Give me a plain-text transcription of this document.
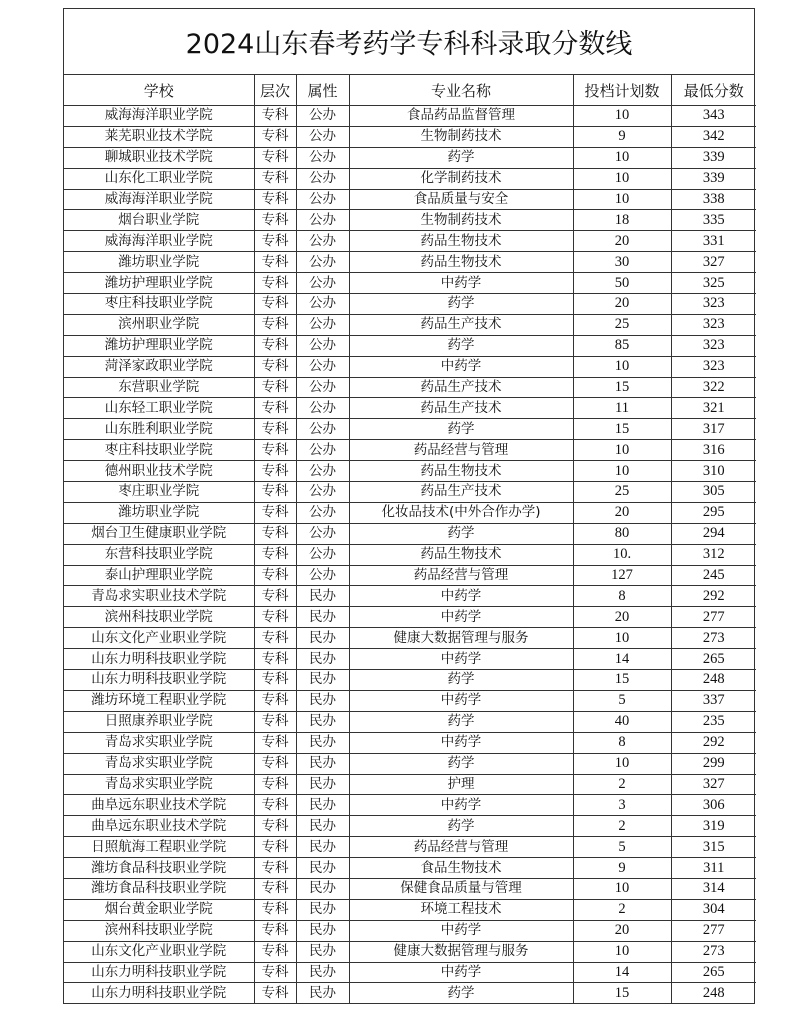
2024山东春考药学专科科录取分数线
学校	层次	属性	专业名称	投档计划数	最低分数
威海海洋职业学院	专科	公办	食品药品监督管理	10	343
莱芜职业技术学院	专科	公办	生物制药技术	9	342
聊城职业技术学院	专科	公办	药学	10	339
山东化工职业学院	专科	公办	化学制药技术	10	339
威海海洋职业学院	专科	公办	食品质量与安全	10	338
烟台职业学院	专科	公办	生物制药技术	18	335
威海海洋职业学院	专科	公办	药品生物技术	20	331
潍坊职业学院	专科	公办	药品生物技术	30	327
潍坊护理职业学院	专科	公办	中药学	50	325
枣庄科技职业学院	专科	公办	药学	20	323
滨州职业学院	专科	公办	药品生产技术	25	323
潍坊护理职业学院	专科	公办	药学	85	323
菏泽家政职业学院	专科	公办	中药学	10	323
东营职业学院	专科	公办	药品生产技术	15	322
山东轻工职业学院	专科	公办	药品生产技术	11	321
山东胜利职业学院	专科	公办	药学	15	317
枣庄科技职业学院	专科	公办	药品经营与管理	10	316
德州职业技术学院	专科	公办	药品生物技术	10	310
枣庄职业学院	专科	公办	药品生产技术	25	305
潍坊职业学院	专科	公办	化妆品技术(中外合作办学)	20	295
烟台卫生健康职业学院	专科	公办	药学	80	294
东营科技职业学院	专科	公办	药品生物技术	10.	312
泰山护理职业学院	专科	公办	药品经营与管理	127	245
青岛求实职业技术学院	专科	民办	中药学	8	292
滨州科技职业学院	专科	民办	中药学	20	277
山东文化产业职业学院	专科	民办	健康大数据管理与服务	10	273
山东力明科技职业学院	专科	民办	中药学	14	265
山东力明科技职业学院	专科	民办	药学	15	248
潍坊环境工程职业学院	专科	民办	中药学	5	337
日照康养职业学院	专科	民办	药学	40	235
青岛求实职业学院	专科	民办	中药学	8	292
青岛求实职业学院	专科	民办	药学	10	299
青岛求实职业学院	专科	民办	护理	2	327
曲阜远东职业技术学院	专科	民办	中药学	3	306
曲阜远东职业技术学院	专科	民办	药学	2	319
日照航海工程职业学院	专科	民办	药品经营与管理	5	315
潍坊食品科技职业学院	专科	民办	食品生物技术	9	311
潍坊食品科技职业学院	专科	民办	保健食品质量与管理	10	314
烟台黄金职业学院	专科	民办	环境工程技术	2	304
滨州科技职业学院	专科	民办	中药学	20	277
山东文化产业职业学院	专科	民办	健康大数据管理与服务	10	273
山东力明科技职业学院	专科	民办	中药学	14	265
山东力明科技职业学院	专科	民办	药学	15	248
